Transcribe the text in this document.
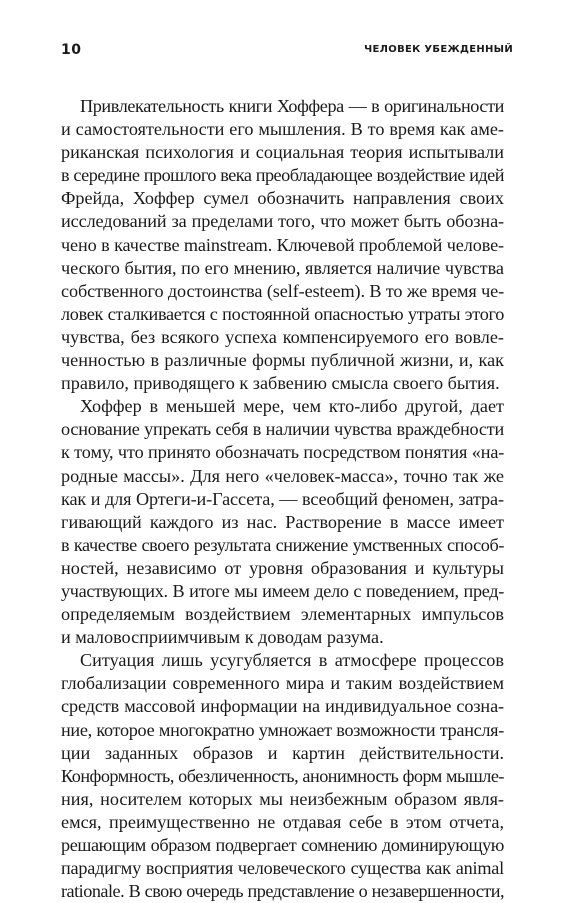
10	ЧЕЛОВЕК УБЕЖДЕННЫЙ
Привлекательность книги Хоффера — в оригинальности
и самостоятельности его мышления. В то время как аме-
риканская психология и социальная теория испытывали
в середине прошлого века преобладающее воздействие идей
Фрейда, Хоффер сумел обозначить направления своих
исследований за пределами того, что может быть обозна-
чено в качестве mainstream. Ключевой проблемой челове-
ческого бытия, по его мнению, является наличие чувства
собственного достоинства (self-esteem). В то же время че-
ловек сталкивается с постоянной опасностью утраты этого
чувства, без всякого успеха компенсируемого его вовле-
ченностью в различные формы публичной жизни, и, как
правило, приводящего к забвению смысла своего бытия.
Хоффер в меньшей мере, чем кто-либо другой, дает
основание упрекать себя в наличии чувства враждебности
к тому, что принято обозначать посредством понятия «на-
родные массы». Для него «человек-масса», точно так же
как и для Ортеги-и-Гассета, — всеобщий феномен, затра-
гивающий каждого из нас. Растворение в массе имеет
в качестве своего результата снижение умственных способ-
ностей, независимо от уровня образования и культуры
участвующих. В итоге мы имеем дело с поведением, пред-
определяемым воздействием элементарных импульсов
и маловосприимчивым к доводам разума.
Ситуация лишь усугубляется в атмосфере процессов
глобализации современного мира и таким воздействием
средств массовой информации на индивидуальное созна-
ние, которое многократно умножает возможности трансля-
ции заданных образов и картин действительности.
Конформность, обезличенность, анонимность форм мышле-
ния, носителем которых мы неизбежным образом явля-
емся, преимущественно не отдавая себе в этом отчета,
решающим образом подвергает сомнению доминирующую
парадигму восприятия человеческого существа как animal
rationale. В свою очередь представление о незавершенности,
